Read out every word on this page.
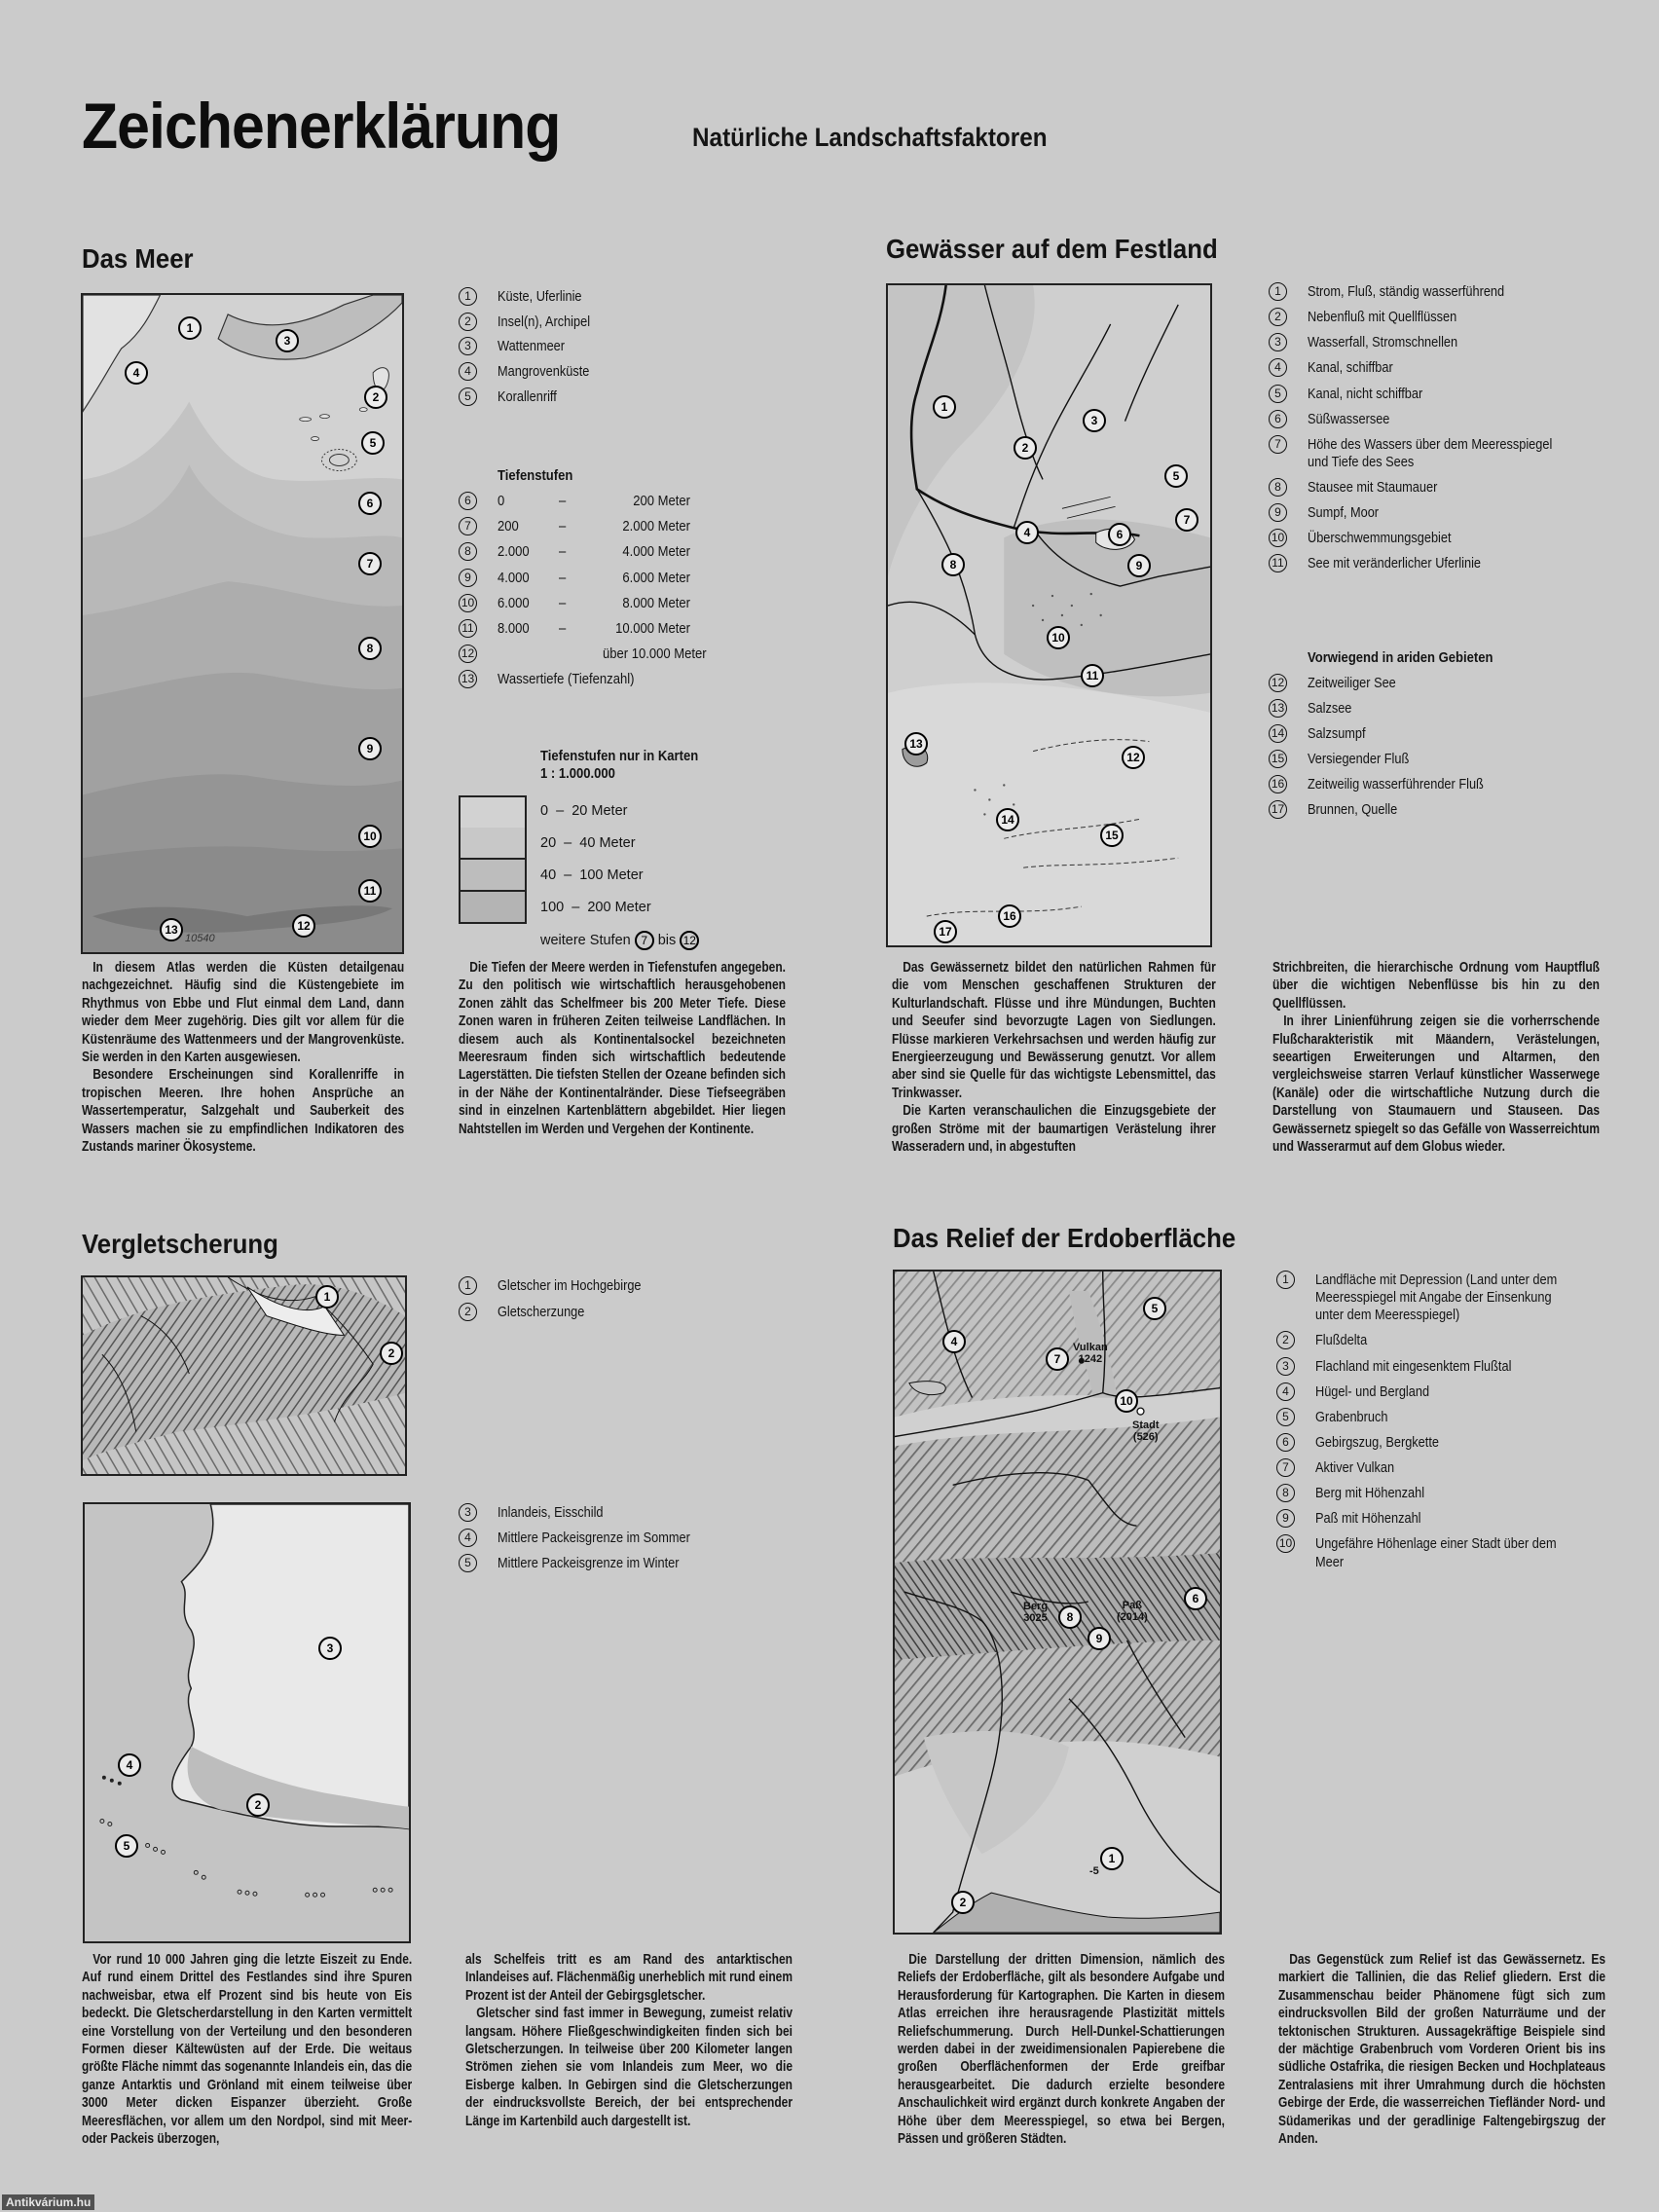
Zeichenerklärung	Natürliche Landschaftsfaktoren
Das Meer
1
2
3
4
5
6
7
8
9
10
11
12
13
10540
1	Küste, Uferlinie
2	Insel(n), Archipel
3	Wattenmeer
4	Mangrovenküste
5	Korallenriff
Tiefenstufen
6	0	–	200 Meter
7	200	–	2.000 Meter
8	2.000	–	4.000 Meter
9	4.000	–	6.000 Meter
10 6.000	–	8.000 Meter
11 8.000	–	10.000 Meter
12	über 10.000 Meter
13 Wassertiefe (Tiefenzahl)
Tiefenstufen nur in Karten
1 : 1.000.000
0  –  20 Meter
20  –  40 Meter
40  –  100 Meter
100  –  200 Meter
weitere Stufen 7 bis 12

In diesem Atlas werden die Küsten detailgenau nachgezeichnet. Häufig sind die Küstengebiete im Rhythmus von Ebbe und Flut einmal dem Land, dann wieder dem Meer zugehörig. Dies gilt vor allem für die Küstenräume des Wattenmeers und der Mangrovenküste. Sie werden in den Karten ausgewiesen.

Besondere Erscheinungen sind Korallenriffe in tropischen Meeren. Ihre hohen Ansprüche an Wassertemperatur, Salzgehalt und Sauberkeit des Wassers machen sie zu empfindlichen Indikatoren des Zustands mariner Ökosysteme.

Die Tiefen der Meere werden in Tiefenstufen angegeben. Zu den politisch wie wirtschaftlich herausgehobenen Zonen zählt das Schelfmeer bis 200 Meter Tiefe. Diese Zonen waren in früheren Zeiten teilweise Landflächen. In diesem auch als Kontinentalsockel bezeichneten Meeresraum finden sich wirtschaftlich bedeutende Lagerstätten. Die tiefsten Stellen der Ozeane befinden sich in der Nähe der Kontinentalränder. Diese Tiefseegräben sind in einzelnen Kartenblättern abgebildet. Hier liegen Nahtstellen im Werden und Vergehen der Kontinente.

Gewässer auf dem Festland
1
2
3
4
5
6
7
8	9
10
11
12
13
14
15
16
17
1	Strom, Fluß, ständig wasserführend
2	Nebenfluß mit Quellflüssen
3	Wasserfall, Stromschnellen
4	Kanal, schiffbar
5	Kanal, nicht schiffbar
6	Süßwassersee
7	Höhe des Wassers über dem Meeresspiegel und Tiefe des Sees
8	Stausee mit Staumauer
9	Sumpf, Moor
10 Überschwemmungsgebiet
11 See mit veränderlicher Uferlinie
Vorwiegend in ariden Gebieten
12 Zeitweiliger See
13 Salzsee
14 Salzsumpf
15 Versiegender Fluß
16 Zeitweilig wasserführender Fluß
17 Brunnen, Quelle

Das Gewässernetz bildet den natürlichen Rahmen für die vom Menschen geschaffenen Strukturen der Kulturlandschaft. Flüsse und ihre Mündungen, Buchten und Seeufer sind bevorzugte Lagen von Siedlungen. Flüsse markieren Verkehrsachsen und werden häufig zur Energieerzeugung und Bewässerung genutzt. Vor allem aber sind sie Quelle für das wichtigste Lebensmittel, das Trinkwasser.

Die Karten veranschaulichen die Einzugsgebiete der großen Ströme mit der baumartigen Verästelung ihrer Wasseradern und, in abgestuften

Strichbreiten, die hierarchische Ordnung vom Hauptfluß über die wichtigen Nebenflüsse bis hin zu den Quellflüssen.

In ihrer Linienführung zeigen sie die vorherrschende Flußcharakteristik mit Mäandern, Verästelungen, seeartigen Erweiterungen und Altarmen, den vergleichsweise starren Verlauf künstlicher Wasserwege (Kanäle) oder die wirtschaftliche Nutzung durch die Darstellung von Staumauern und Stauseen. Das Gewässernetz spiegelt so das Gefälle von Wasserreichtum und Wasserarmut auf dem Globus wieder.

Vergletscherung
1
2
1	Gletscher im Hochgebirge
2	Gletscherzunge
3
4
2
5
3	Inlandeis, Eisschild
4	Mittlere Packeisgrenze im Sommer
5	Mittlere Packeisgrenze im Winter

Vor rund 10 000 Jahren ging die letzte Eiszeit zu Ende. Auf rund einem Drittel des Festlandes sind ihre Spuren nachweisbar, etwa elf Prozent sind bis heute von Eis bedeckt. Die Gletscherdarstellung in den Karten vermittelt eine Vorstellung von der Verteilung und den besonderen Formen dieser Kältewüsten auf der Erde. Die weitaus größte Fläche nimmt das sogenannte Inlandeis ein, das die ganze Antarktis und Grönland mit einem teilweise über 3000 Meter dicken Eispanzer überzieht. Große Meeresflächen, vor allem um den Nordpol, sind mit Meer- oder Packeis überzogen,

als Schelfeis tritt es am Rand des antarktischen Inlandeises auf. Flächenmäßig unerheblich mit rund einem Prozent ist der Anteil der Gebirgsgletscher.

Gletscher sind fast immer in Bewegung, zumeist relativ langsam. Höhere Fließgeschwindigkeiten finden sich bei Gletscherzungen. In teilweise über 200 Kilometer langen Strömen ziehen sie vom Inlandeis zum Meer, wo die Eisberge kalben. In Gebirgen sind die Gletscherzungen der eindrucksvollste Bereich, der bei entsprechender Länge im Kartenbild auch dargestellt ist.

Das Relief der Erdoberfläche
4
5
7
10
6
8
9
1
2
Vulkan
1242
Stadt
(526)
Berg
3025
Paß
(2014)
-5
1	Landfläche mit Depression (Land unter dem Meeresspiegel mit Angabe der Einsenkung unter dem Meeresspiegel)
2	Flußdelta
3	Flachland mit eingesenktem Flußtal
4	Hügel- und Bergland
5	Grabenbruch
6	Gebirgszug, Bergkette
7	Aktiver Vulkan
8	Berg mit Höhenzahl
9	Paß mit Höhenzahl
10 Ungefähre Höhenlage einer Stadt über dem Meer

Die Darstellung der dritten Dimension, nämlich des Reliefs der Erdoberfläche, gilt als besondere Aufgabe und Herausforderung für Kartographen. Die Karten in diesem Atlas erreichen ihre herausragende Plastizität mittels Reliefschummerung. Durch Hell-Dunkel-Schattierungen werden dabei in der zweidimensionalen Papierebene die großen Oberflächenformen der Erde greifbar herausgearbeitet. Die dadurch erzielte besondere Anschaulichkeit wird ergänzt durch konkrete Angaben der Höhe über dem Meeresspiegel, so etwa bei Bergen, Pässen und größeren Städten.

Das Gegenstück zum Relief ist das Gewässernetz. Es markiert die Tallinien, die das Relief gliedern. Erst die Zusammenschau beider Phänomene fügt sich zum eindrucksvollen Bild der großen Naturräume und der tektonischen Strukturen. Aussagekräftige Beispiele sind der mächtige Grabenbruch vom Vorderen Orient bis ins südliche Ostafrika, die riesigen Becken und Hochplateaus Zentralasiens mit ihrer Umrahmung durch die höchsten Gebirge der Erde, die wasserreichen Tiefländer Nord- und Südamerikas und der geradlinige Faltengebirgszug der Anden.

Antikvárium.hu
